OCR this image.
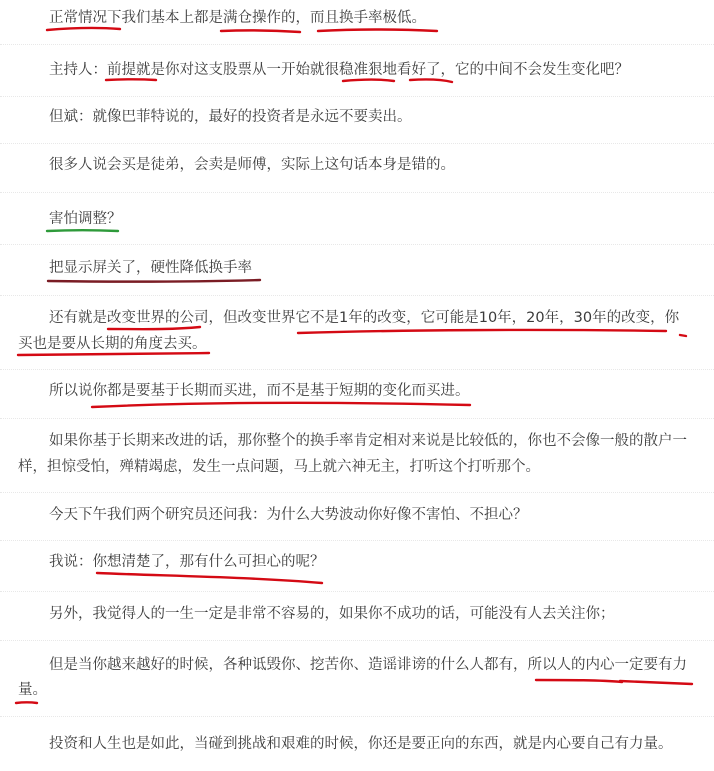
正常情况下我们基本上都是满仓操作的，而且换手率极低。
主持人：前提就是你对这支股票从一开始就很稳准狠地看好了，它的中间不会发生变化吧？
但斌：就像巴菲特说的，最好的投资者是永远不要卖出。
很多人说会买是徒弟，会卖是师傅，实际上这句话本身是错的。
害怕调整？
把显示屏关了，硬性降低换手率
还有就是改变世界的公司，但改变世界它不是1年的改变，它可能是10年，20年，30年的改变，你
买也是要从长期的角度去买。
所以说你都是要基于长期而买进，而不是基于短期的变化而买进。
如果你基于长期来改进的话，那你整个的换手率肯定相对来说是比较低的，你也不会像一般的散户一
样，担惊受怕，殚精竭虑，发生一点问题，马上就六神无主，打听这个打听那个。
今天下午我们两个研究员还问我：为什么大势波动你好像不害怕、不担心？
我说：你想清楚了，那有什么可担心的呢？
另外，我觉得人的一生一定是非常不容易的，如果你不成功的话，可能没有人去关注你；
但是当你越来越好的时候，各种诋毁你、挖苦你、造谣诽谤的什么人都有，所以人的内心一定要有力
量。
投资和人生也是如此，当碰到挑战和艰难的时候，你还是要正向的东西，就是内心要自己有力量。
